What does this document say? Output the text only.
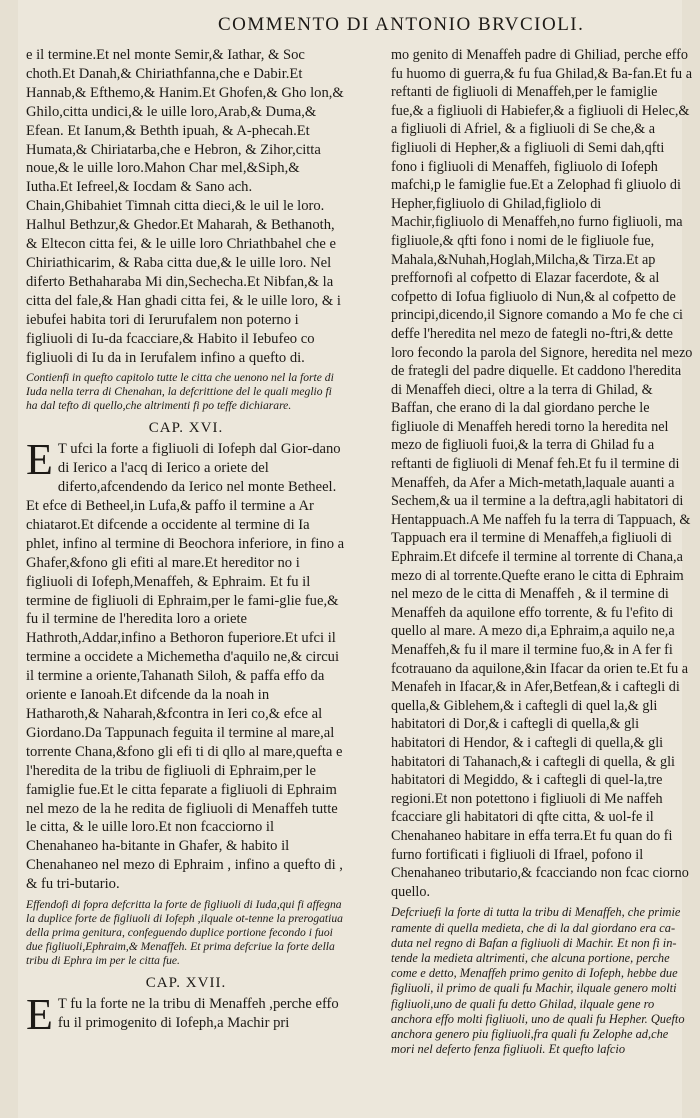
COMMENTO DI ANTONIO BRVCIOLI.

e il termine.Et nel monte Semir,& Iathar, & Soc choth.Et Danah,& Chiriathfanna,che e Dabir.Et Hannab,& Efthemo,& Hanim.Et Ghofen,& Gho lon,& Ghilo,citta undici,& le uille loro,Arab,& Duma,& Efean. Et Ianum,& Bethth ipuah, & A-phecah.Et Humata,& Chiriatarba,che e Hebron, & Zihor,citta noue,& le uille loro.Mahon Char mel,&Siph,& Iutha.Et Iefreel,& Iocdam & Sano ach. Chain,Ghibahiet Timnah citta dieci,& le uil le loro. Halhul Bethzur,& Ghedor.Et Maharah, & Bethanoth, & Eltecon citta fei, & le uille loro Chriathbahel che e Chiriathicarim, & Raba citta due,& le uille loro. Nel diferto Bethaharaba Mi din,Sechecha.Et Nibfan,& la citta del fale,& Han ghadi citta fei, & le uille loro, & i iebufei habita tori di Ierurufalem non poterno i figliuoli di Iu-da fcacciare,& Habito il Iebufeo co figliuoli di Iu da in Ierufalem infino a quefto di.

Contienfi in quefto capitolo tutte le citta che uenono nel la forte di Iuda nella terra di Chenahan, la defcrittione del le quali meglio fi ha dal tefto di quello,che altrimenti fi po teffe dichiarare.

CAP. XVI.

E T ufci la forte a figliuoli di Iofeph dal Gior-dano di Ierico a l'acq di Ierico a oriete del diferto,afcendendo da Ierico nel monte Betheel. Et efce di Betheel,in Lufa,& paffo il termine a Ar chiatarot.Et difcende a occidente al termine di Ia phlet, infino al termine di Beochora inferiore, in fino a Ghafer,&fono gli efiti al mare.Et hereditor no i figliuoli di Iofeph,Menaffeh, & Ephraim. Et fu il termine de figliuoli di Ephraim,per le fami-glie fue,& fu il termine de l'heredita loro a oriete Hathroth,Addar,infino a Bethoron fuperiore.Et ufci il termine a occidete a Michemetha d'aquilo ne,& circui il termine a oriente,Tahanath Siloh, & paffa effo da oriente e Ianoah.Et difcende da la noah in Hatharoth,& Naharah,&fcontra in Ieri co,& efce al Giordano.Da Tappunach feguita il termine al mare,al torrente Chana,&fono gli efi ti di qllo al mare,quefta e l'heredita de la tribu de figliuoli di Ephraim,per le famiglie fue.Et le citta feparate a figliuoli di Ephraim nel mezo de la he redita de figliuoli di Menaffeh tutte le citta, & le uille loro.Et non fcacciorno il Chenahaneo ha-bitante in Ghafer, & habito il Chenahaneo nel mezo di Ephraim , infino a quefto di , & fu tri-butario.

Effendofi di fopra defcritta la forte de figliuoli di Iuda,qui fi affegna la duplice forte de figliuoli di Iofeph ,ilquale ot-tenne la prerogatiua della prima genitura, confeguendo duplice portione fecondo i fuoi due figliuoli,Ephraim,& Menaffeh. Et prima defcriue la forte della tribu di Ephra im per le citta fue.

CAP. XVII.

E T fu la forte ne la tribu di Menaffeh ,perche effo fu il primogenito di Iofeph,a Machir pri

mo genito di Menaffeh padre di Ghiliad, perche effo fu huomo di guerra,& fu fua Ghilad,& Ba-fan.Et fu a reftanti de figliuoli di Menaffeh,per le famiglie fue,& a figliuoli di Habiefer,& a figliuoli di Helec,& a figliuoli di Afriel, & a figliuoli di Se che,& a figliuoli di Hepher,& a figliuoli di Semi dah,qfti fono i figliuoli di Menaffeh, figliuolo di Iofeph mafchi,p le famiglie fue.Et a Zelophad fi gliuolo di Hepher,figliuolo di Ghilad,figliolo di Machir,figliuolo di Menaffeh,no furno figliuoli, ma figliuole,& qfti fono i nomi de le figliuole fue, Mahala,&Nuhah,Hoglah,Milcha,& Tirza.Et ap preffornofi al cofpetto di Elazar facerdote, & al cofpetto di Iofua figliuolo di Nun,& al cofpetto de principi,dicendo,il Signore comando a Mo fe che ci deffe l'heredita nel mezo de fategli no-ftri,& dette loro fecondo la parola del Signore, heredita nel mezo de frategli del padre diquelle. Et caddono l'heredita di Menaffeh dieci, oltre a la terra di Ghilad, & Baffan, che erano di la dal giordano perche le figliuole di Menaffeh heredi torno la heredita nel mezo de figliuoli fuoi,& la terra di Ghilad fu a reftanti de figliuoli di Menaf feh.Et fu il termine di Menaffeh, da Afer a Mich-metath,laquale auanti a Sechem,& ua il termine a la deftra,agli habitatori di Hentappuach.A Me naffeh fu la terra di Tappuach, & Tappuach era il termine di Menaffeh,a figliuoli di Ephraim.Et difcefe il termine al torrente di Chana,a mezo di al torrente.Quefte erano le citta di Ephraim nel mezo de le citta di Menaffeh , & il termine di Menaffeh da aquilone effo torrente, & fu l'efito di quello al mare. A mezo di,a Ephraim,a aquilo ne,a Menaffeh,& fu il mare il termine fuo,& in A fer fi fcotrauano da aquilone,&in Ifacar da orien te.Et fu a Menafeh in Ifacar,& in Afer,Betfean,& i caftegli di quella,& Giblehem,& i caftegli di quel la,& gli habitatori di Dor,& i caftegli di quella,& gli habitatori di Hendor, & i caftegli di quella,& gli habitatori di Tahanach,& i caftegli di quella, & gli habitatori di Megiddo, & i caftegli di quel-la,tre regioni.Et non potettono i figliuoli di Me naffeh fcacciare gli habitatori di qfte citta, & uol-fe il Chenahaneo habitare in effa terra.Et fu quan do fi furno fortificati i figliuoli di Ifrael, pofono il Chenahaneo tributario,& fcacciando non fcac ciorno quello.

Defcriuefi la forte di tutta la tribu di Menaffeh, che primie ramente di quella medieta, che di la dal giordano era ca-duta nel regno di Bafan a figliuoli di Machir. Et non fi in-tende la medieta altrimenti, che alcuna portione, perche come e detto, Menaffeh primo genito di Iofeph, hebbe due figliuoli, il primo de quali fu Machir, ilquale genero molti figliuoli,uno de quali fu detto Ghilad, ilquale gene ro anchora effo molti figliuoli, uno de quali fu Hepher. Quefto anchora genero piu figliuoli,fra quali fu Zelophe ad,che mori nel deferto fenza figliuoli. Et quefto lafcio
